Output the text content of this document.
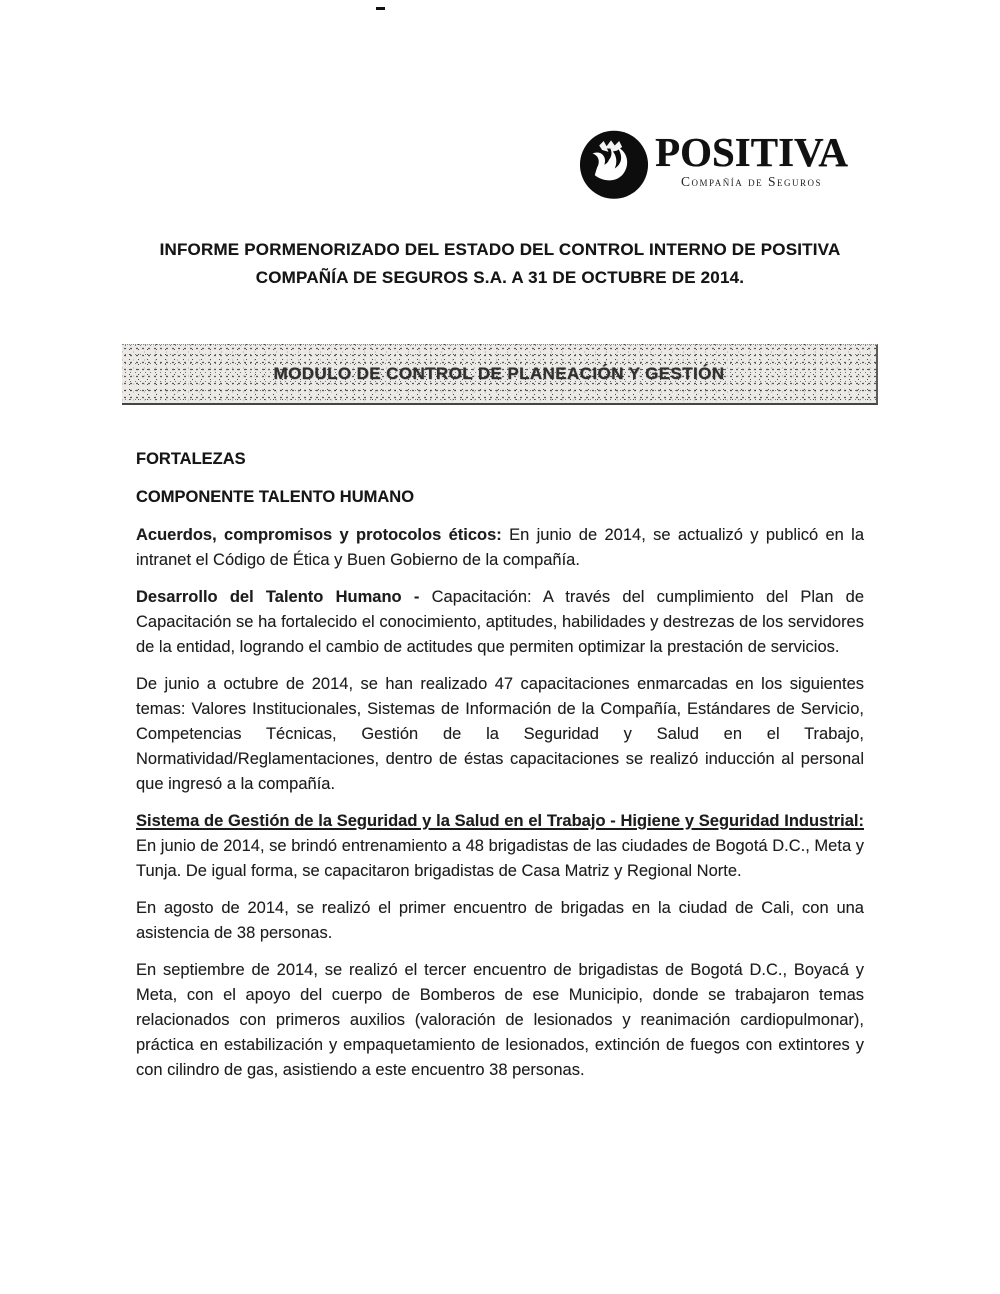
POSITIVA
Compañía de Seguros
INFORME PORMENORIZADO DEL ESTADO DEL CONTROL INTERNO DE POSITIVA
COMPAÑÍA DE SEGUROS S.A. A 31 DE OCTUBRE DE 2014.
MODULO DE CONTROL DE PLANEACIÓN Y GESTIÓN

FORTALEZAS

COMPONENTE TALENTO HUMANO

Acuerdos, compromisos y protocolos éticos: En junio de 2014, se actualizó y publicó en la intranet el Código de Ética y Buen Gobierno de la compañía.

Desarrollo del Talento Humano - Capacitación: A través del cumplimiento del Plan de Capacitación se ha fortalecido el conocimiento, aptitudes, habilidades y destrezas de los servidores de la entidad, logrando el cambio de actitudes que permiten optimizar la prestación de servicios.

De junio a octubre de 2014, se han realizado 47 capacitaciones enmarcadas en los siguientes temas: Valores Institucionales, Sistemas de Información de la Compañía, Estándares de Servicio, Competencias Técnicas, Gestión de la Seguridad y Salud en el Trabajo, Normatividad/Reglamentaciones, dentro de éstas capacitaciones se realizó inducción al personal que ingresó a la compañía.

Sistema de Gestión de la Seguridad y la Salud en el Trabajo - Higiene y Seguridad Industrial: En junio de 2014, se brindó entrenamiento a 48 brigadistas de las ciudades de Bogotá D.C., Meta y Tunja. De igual forma, se capacitaron brigadistas de Casa Matriz y Regional Norte.

En agosto de 2014, se realizó el primer encuentro de brigadas en la ciudad de Cali, con una asistencia de 38 personas.

En septiembre de 2014, se realizó el tercer encuentro de brigadistas de Bogotá D.C., Boyacá y Meta, con el apoyo del cuerpo de Bomberos de ese Municipio, donde se trabajaron temas relacionados con primeros auxilios (valoración de lesionados y reanimación cardiopulmonar), práctica en estabilización y empaquetamiento de lesionados, extinción de fuegos con extintores y con cilindro de gas, asistiendo a este encuentro 38 personas.
